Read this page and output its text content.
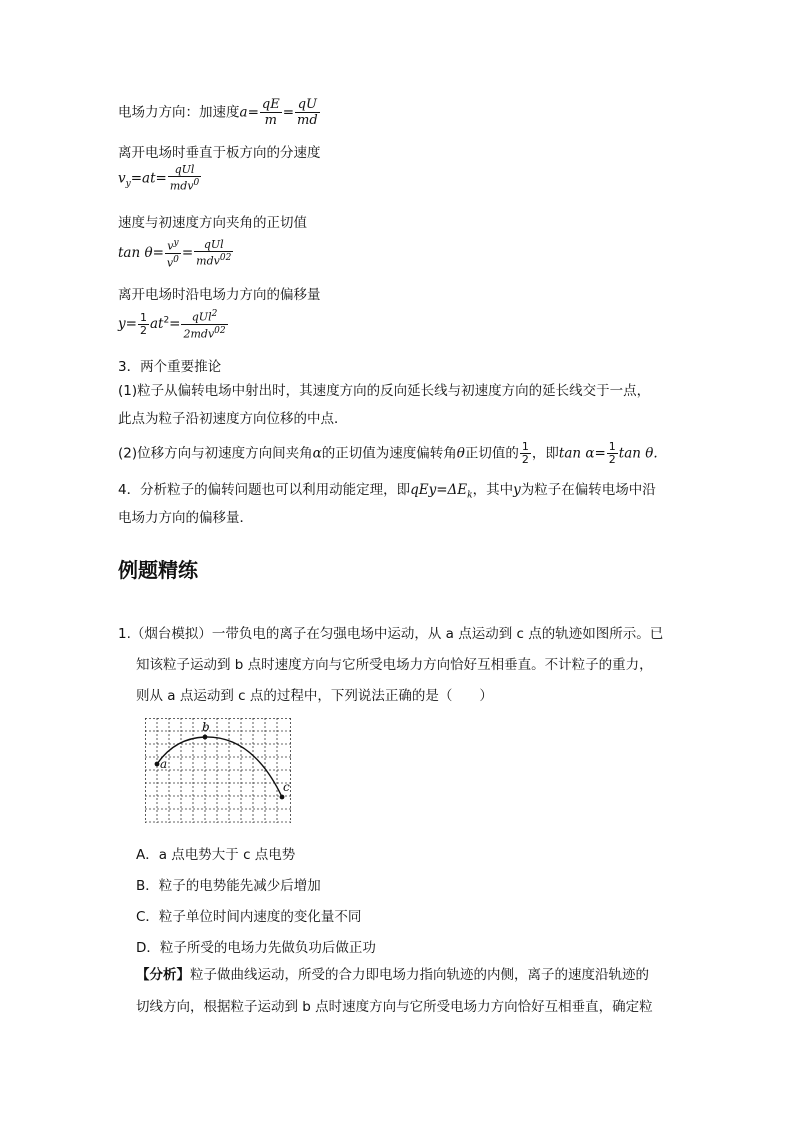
电场力方向：加速度$a= \frac{qE}{m} = \frac{qU}{md}$
离开电场时垂直于板方向的分速度
$v_y=at= \frac{\text{qUl}}{mdv^0}$
速度与初速度方向夹角的正切值
$\tan \theta= \frac{v^y}{v^0} = \frac{\text{qUl}}{mdv^{02}}$
离开电场时沿电场力方向的偏移量
$y= \frac{1}{2} at^2= \frac{qUl^2}{2mdv^{02}}$
3．两个重要推论
(1)粒子从偏转电场中射出时，其速度方向的反向延长线与初速度方向的延长线交于一点，
此点为粒子沿初速度方向位移的中点．
(2)位移方向与初速度方向间夹角α的正切值为速度偏转角θ正切值的 $\frac{1}{2}$ ，即$\tan \alpha= \frac{1}{2}$ tan θ.
4．分析粒子的偏转问题也可以利用动能定理，即$qEy=\Delta E_k$，其中y为粒子在偏转电场中沿
电场力方向的偏移量．
例题精练
1.（烟台模拟）一带负电的离子在匀强电场中运动，从 a 点运动到 c 点的轨迹如图所示。已
知该粒子运动到 b 点时速度方向与它所受电场力方向恰好互相垂直。不计粒子的重力，
则从 a 点运动到 c 点的过程中，下列说法正确的是（　　）
a
b
c
A．a 点电势大于 c 点电势
B．粒子的电势能先减少后增加
C．粒子单位时间内速度的变化量不同
D．粒子所受的电场力先做负功后做正功
【分析】粒子做曲线运动，所受的合力即电场力指向轨迹的内侧，离子的速度沿轨迹的
切线方向，根据粒子运动到 b 点时速度方向与它所受电场力方向恰好互相垂直，确定粒
